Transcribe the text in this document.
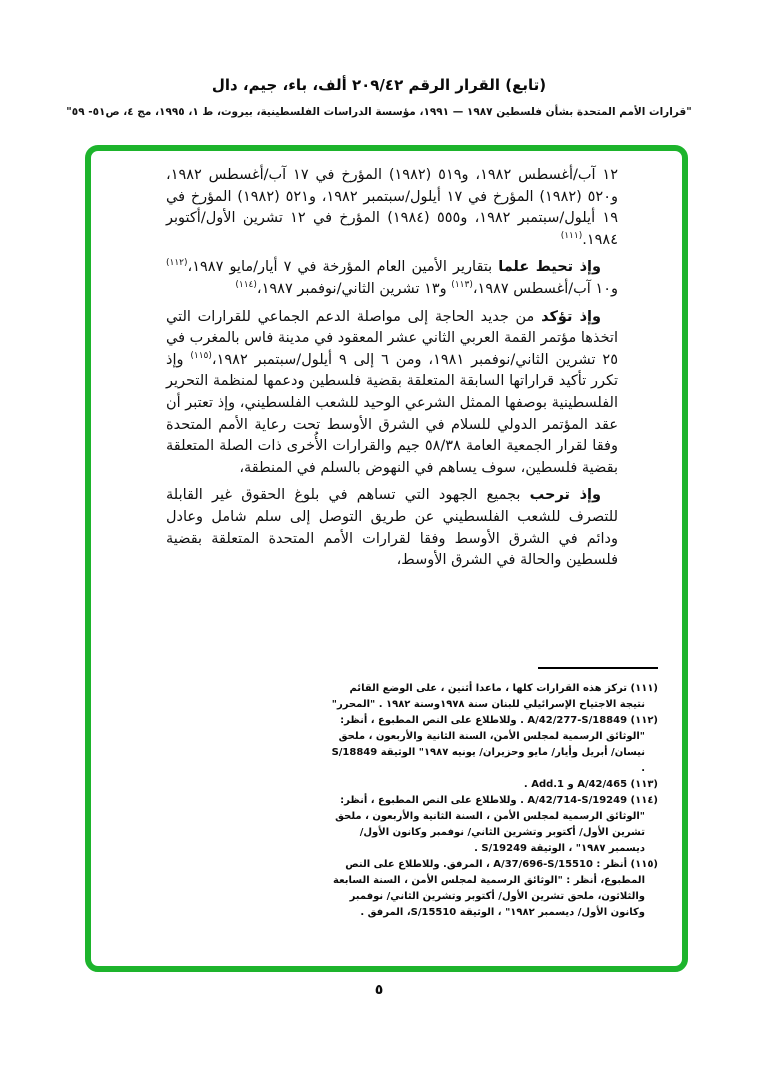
(تابع) القرار الرقم ٢٠٩/٤٢ ألف، باء، جيم، دال
"قرارات الأمم المتحدة بشأن فلسطين ١٩٨٧ — ١٩٩١، مؤسسة الدراسات الفلسطينية، بيروت، ط ١، ١٩٩٥، مج ٤، ص٥١- ٥٩"

١٢ آب/أغسطس ١٩٨٢، و٥١٩ (١٩٨٢) المؤرخ في ١٧ آب/أغسطس ١٩٨٢، و٥٢٠ (١٩٨٢) المؤرخ في ١٧ أيلول/سبتمبر ١٩٨٢، و٥٢١ (١٩٨٢) المؤرخ في ١٩ أيلول/سبتمبر ١٩٨٢، و٥٥٥ (١٩٨٤) المؤرخ في ١٢ تشرين الأول/أكتوبر ١٩٨٤.$^{(١١١)}$

وإذ تحيط علما بتقارير الأمين العام المؤرخة في ٧ أيار/مايو ١٩٨٧،$^{(١١٢)}$ و١٠ آب/أغسطس ١٩٨٧،$^{(١١٣)}$ و١٣ تشرين الثاني/نوفمبر ١٩٨٧،$^{(١١٤)}$

وإذ تؤكد من جديد الحاجة إلى مواصلة الدعم الجماعي للقرارات التي اتخذها مؤتمر القمة العربي الثاني عشر المعقود في مدينة فاس بالمغرب في ٢٥ تشرين الثاني/نوفمبر ١٩٨١، ومن ٦ إلى ٩ أيلول/سبتمبر ١٩٨٢،$^{(١١٥)}$ وإذ تكرر تأكيد قراراتها السابقة المتعلقة بقضية فلسطين ودعمها لمنظمة التحرير الفلسطينية بوصفها الممثل الشرعي الوحيد للشعب الفلسطيني، وإذ تعتبر أن عقد المؤتمر الدولي للسلام في الشرق الأوسط تحت رعاية الأمم المتحدة وفقا لقرار الجمعية العامة ٥٨/٣٨ جيم والقرارات الأُخرى ذات الصلة المتعلقة بقضية فلسطين، سوف يساهم في النهوض بالسلم في المنطقة،

وإذ ترحب بجميع الجهود التي تساهم في بلوغ الحقوق غير القابلة للتصرف للشعب الفلسطيني عن طريق التوصل إلى سلم شامل وعادل ودائم في الشرق الأوسط وفقا لقرارات الأمم المتحدة المتعلقة بقضية فلسطين والحالة في الشرق الأوسط،

(١١١) تركز هذه القرارات كلها ، ماعدا أثنين ، على الوضع القائم نتيجة الاجتياح الإسرائيلي للبنان سنة ١٩٧٨وسنة ١٩٨٢ . "المحرر"
(١١٢) A/42/277-S/18849 . وللاطلاع على النص المطبوع ، أنظر: "الوثائق الرسمية لمجلس الأمن، السنة الثانية والأربعون ، ملحق نيسان/ أبريل وأيار/ مايو وحزيران/ يونيه ١٩٨٧" الوثيقة S/18849 .
(١١٣) A/42/465 و Add.1 .
(١١٤) A/42/714-S/19249 . وللاطلاع على النص المطبوع ، أنظر: "الوثائق الرسمية لمجلس الأمن ، السنة الثانية والأربعون ، ملحق تشرين الأول/ أكتوبر وتشرين الثاني/ نوفمبر وكانون الأول/ ديسمبر ١٩٨٧" ، الوثيقة S/19249 .
(١١٥) أنظر : A/37/696-S/15510 ، المرفق. وللاطلاع على النص المطبوع، أنظر : "الوثائق الرسمية لمجلس الأمن ، السنة السابعة والثلاثون، ملحق تشرين الأول/ أكتوبر وتشرين الثاني/ نوفمبر وكانون الأول/ ديسمبر ١٩٨٢" ، الوثيقة S/15510، المرفق .
٥
